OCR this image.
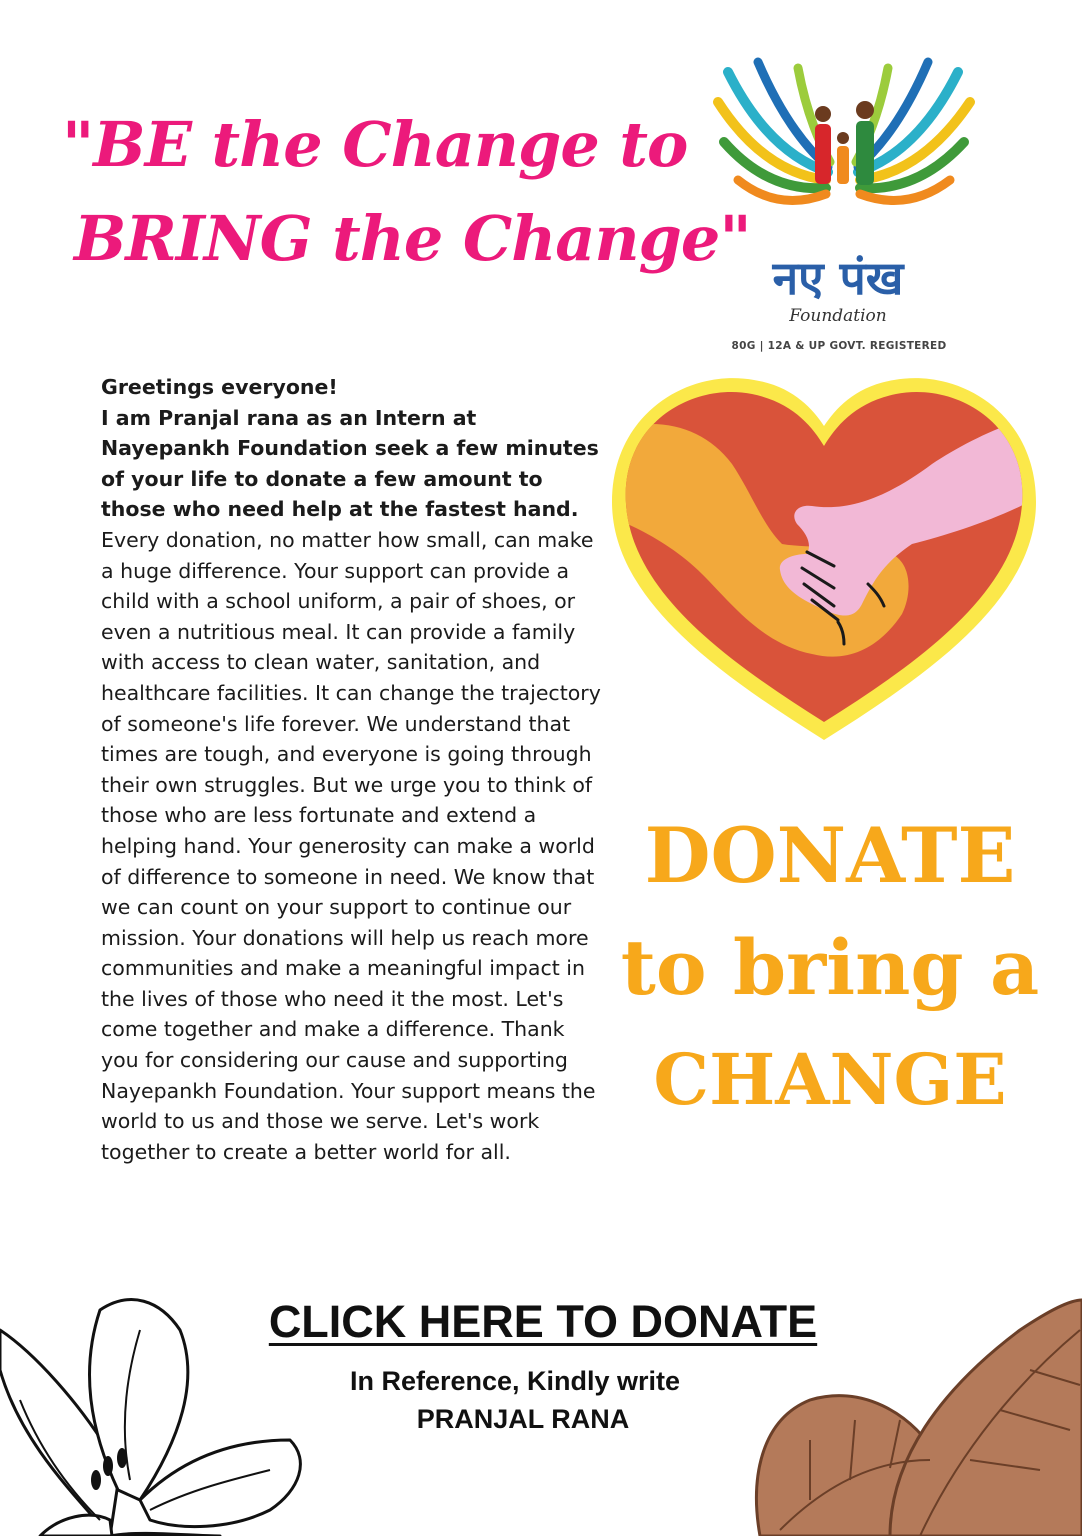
"BE the Change to
BRING the Change"
नए पंख
Foundation
80G | 12A & UP GOVT. REGISTERED

Greetings everyone!

I am Pranjal rana as an Intern at Nayepankh Foundation seek a few minutes of your life to donate a few amount to those who need help at the fastest hand.

Every donation, no matter how small, can make a huge difference. Your support can provide a child with a school uniform, a pair of shoes, or even a nutritious meal. It can provide a family with access to clean water, sanitation, and healthcare facilities. It can change the trajectory of someone's life forever. We understand that times are tough, and everyone is going through their own struggles. But we urge you to think of those who are less fortunate and extend a helping hand. Your generosity can make a world of difference to someone in need. We know that we can count on your support to continue our mission. Your donations will help us reach more communities and make a meaningful impact in the lives of those who need it the most. Let's come together and make a difference. Thank you for considering our cause and supporting Nayepankh Foundation. Your support means the world to us and those we serve. Let's work together to create a better world for all.

DONATE
to bring a
CHANGE
CLICK HERE TO DONATE
In Reference, Kindly write
PRANJAL RANA
